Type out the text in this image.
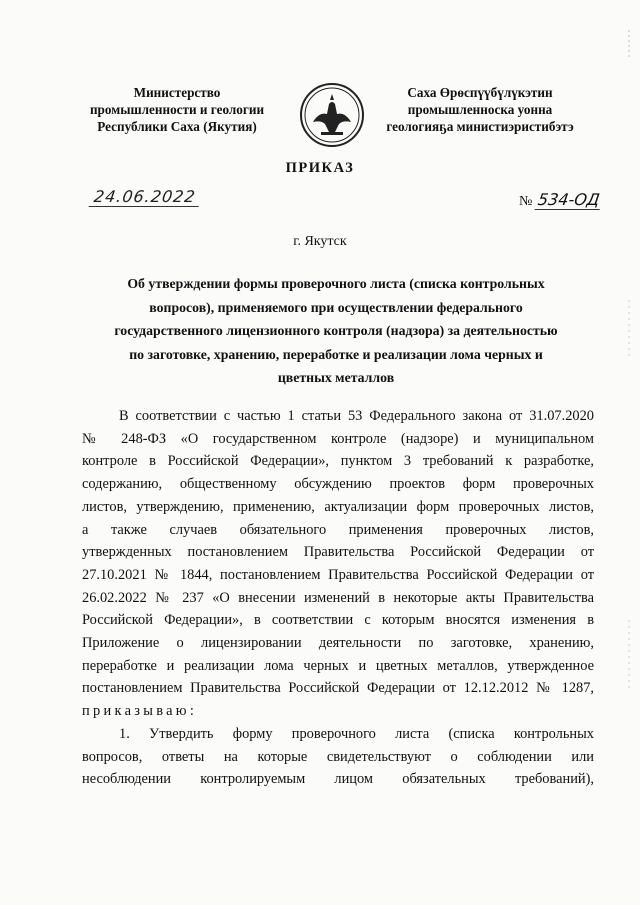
Министерство
промышленности и геологии
Республики Саха (Якутия)
Саха Өрөспүүбүлүкэтин
промышленноска уонна
геологияҕа министиэристибэтэ
ПРИКАЗ
24.06.2022	№ 534-ОД
г. Якутск
Об утверждении формы проверочного листа (списка контрольных
вопросов), применяемого при осуществлении федерального
государственного лицензионного контроля (надзора) за деятельностью
по заготовке, хранению, переработке и реализации лома черных и
цветных металлов
В соответствии с частью 1 статьи 53 Федерального закона от 31.07.2020
№ 248-ФЗ «О государственном контроле (надзоре) и муниципальном
контроле в Российской Федерации», пунктом 3 требований к разработке,
содержанию, общественному обсуждению проектов форм проверочных
листов, утверждению, применению, актуализации форм проверочных листов,
а также случаев обязательного применения проверочных листов,
утвержденных постановлением Правительства Российской Федерации от
27.10.2021 № 1844, постановлением Правительства Российской Федерации от
26.02.2022 № 237 «О внесении изменений в некоторые акты Правительства
Российской Федерации», в соответствии с которым вносятся изменения в
Приложение о лицензировании деятельности по заготовке, хранению,
переработке и реализации лома черных и цветных металлов, утвержденное
постановлением Правительства Российской Федерации от 12.12.2012 № 1287,
приказываю:
1. Утвердить форму проверочного листа (списка контрольных
вопросов, ответы на которые свидетельствуют о соблюдении или
несоблюдении контролируемым лицом обязательных требований),
